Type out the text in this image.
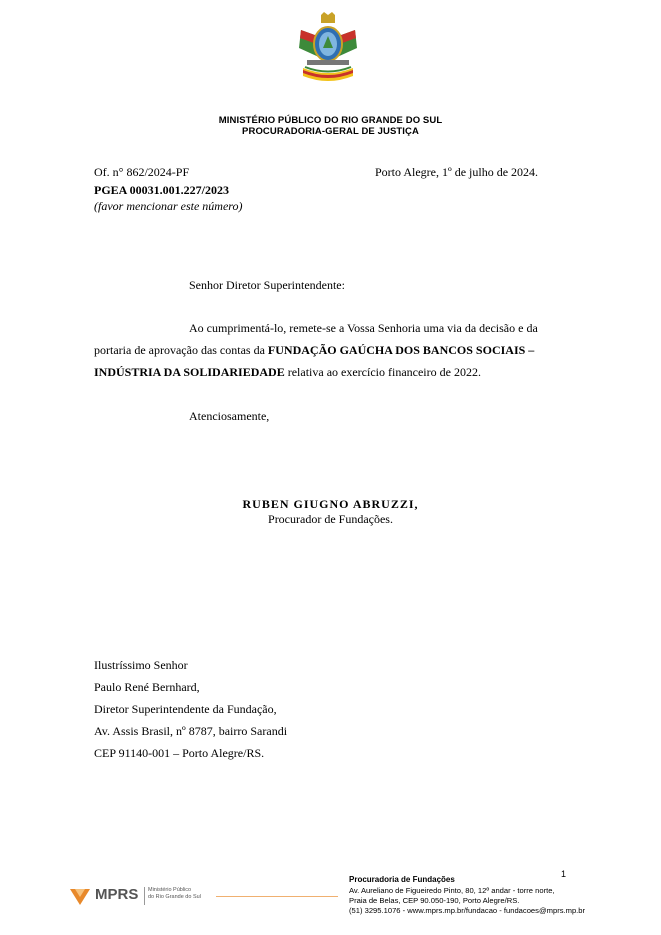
MINISTÉRIO PÚBLICO DO RIO GRANDE DO SUL
PROCURADORIA-GERAL DE JUSTIÇA
Of. n° 862/2024-PF
PGEA 00031.001.227/2023
(favor mencionar este número)
Porto Alegre, 1º de julho de 2024.
Senhor Diretor Superintendente:
Ao cumprimentá-lo, remete-se a Vossa Senhoria uma via da decisão e da
portaria de aprovação das contas da FUNDAÇÃO GAÚCHA DOS BANCOS SOCIAIS –
INDÚSTRIA DA SOLIDARIEDADE relativa ao exercício financeiro de 2022.
Atenciosamente,
RUBEN GIUGNO ABRUZZI,
Procurador de Fundações.
Ilustríssimo Senhor
Paulo René Bernhard,
Diretor Superintendente da Fundação,
Av. Assis Brasil, nº 8787, bairro Sarandi
CEP 91140-001 – Porto Alegre/RS.
1
MPRS Ministério Público
do Rio Grande do Sul
Procuradoria de Fundações
Av. Aureliano de Figueiredo Pinto, 80, 12º andar - torre norte,
Praia de Belas, CEP 90.050-190, Porto Alegre/RS.
(51) 3295.1076 - www.mprs.mp.br/fundacao - fundacoes@mprs.mp.br
